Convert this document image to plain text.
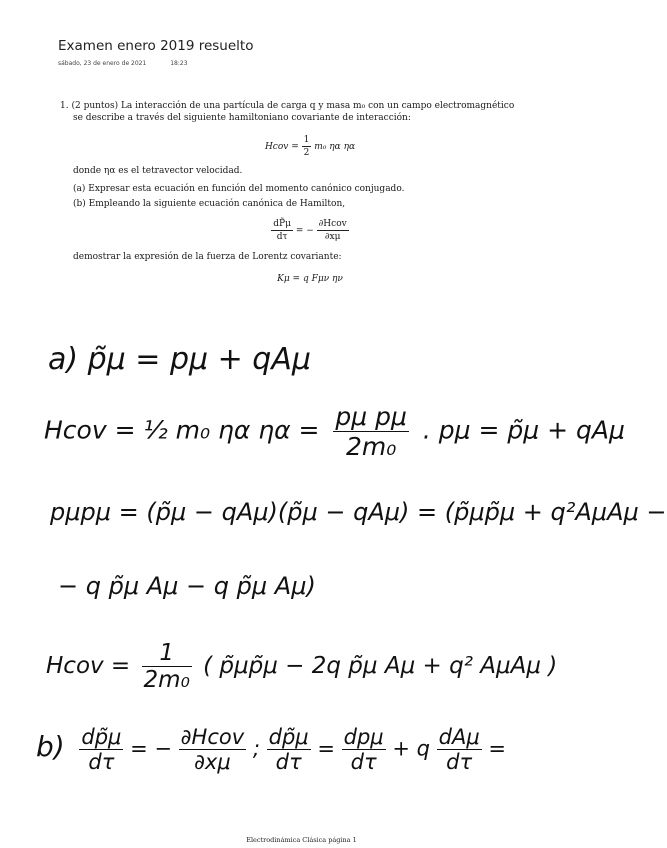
Examen enero 2019 resuelto
sábado, 23 de enero de 2021	18:23

1. (2 puntos) La interacción de una partícula de carga q y masa m₀ con un campo electromagnético

se describe a través del siguiente hamiltoniano covariante de interacción:

Hcov = $\frac{1}{2} m_0$ ηα ηα

donde ηα es el tetravector velocidad.

(a) Expresar esta ecuación en función del momento canónico conjugado.

(b) Empleando la siguiente ecuación canónica de Hamilton,

$\frac{dP̃\mu}{d\tau}$ = − $\frac{\text{∂Hcov}}{\partial x\mu}$

demostrar la expresión de la fuerza de Lorentz covariante:

Kμ = q Fμν ην
a) p̃μ = pμ + qAμ
Hcov = ½ m₀ ηα $\eta\alpha = \frac{\text{pμ pμ}}{\text{2m₀}}$ . pμ = p̃μ + qAμ
pμpμ = (p̃μ − qAμ)(p̃μ − qAμ) = (p̃μp̃μ + q²AμAμ −
− q p̃μ Aμ − q p̃μ Aμ)
Hcov = $\frac{1}{\text{2m₀}}$ ( p̃μp̃μ − 2q p̃μ Aμ + q² AμAμ )
$b) \frac{dp̃\mu}{d\tau}$ = − $\frac{\text{∂Hcov}}{\partial x\mu}$ ; $\frac{dp̃\mu}{d\tau} = \frac{\text{dpμ}}{d\tau} + q \frac{\text{dAμ}}{d\tau}$ =
Electrodinámica Clásica página 1
